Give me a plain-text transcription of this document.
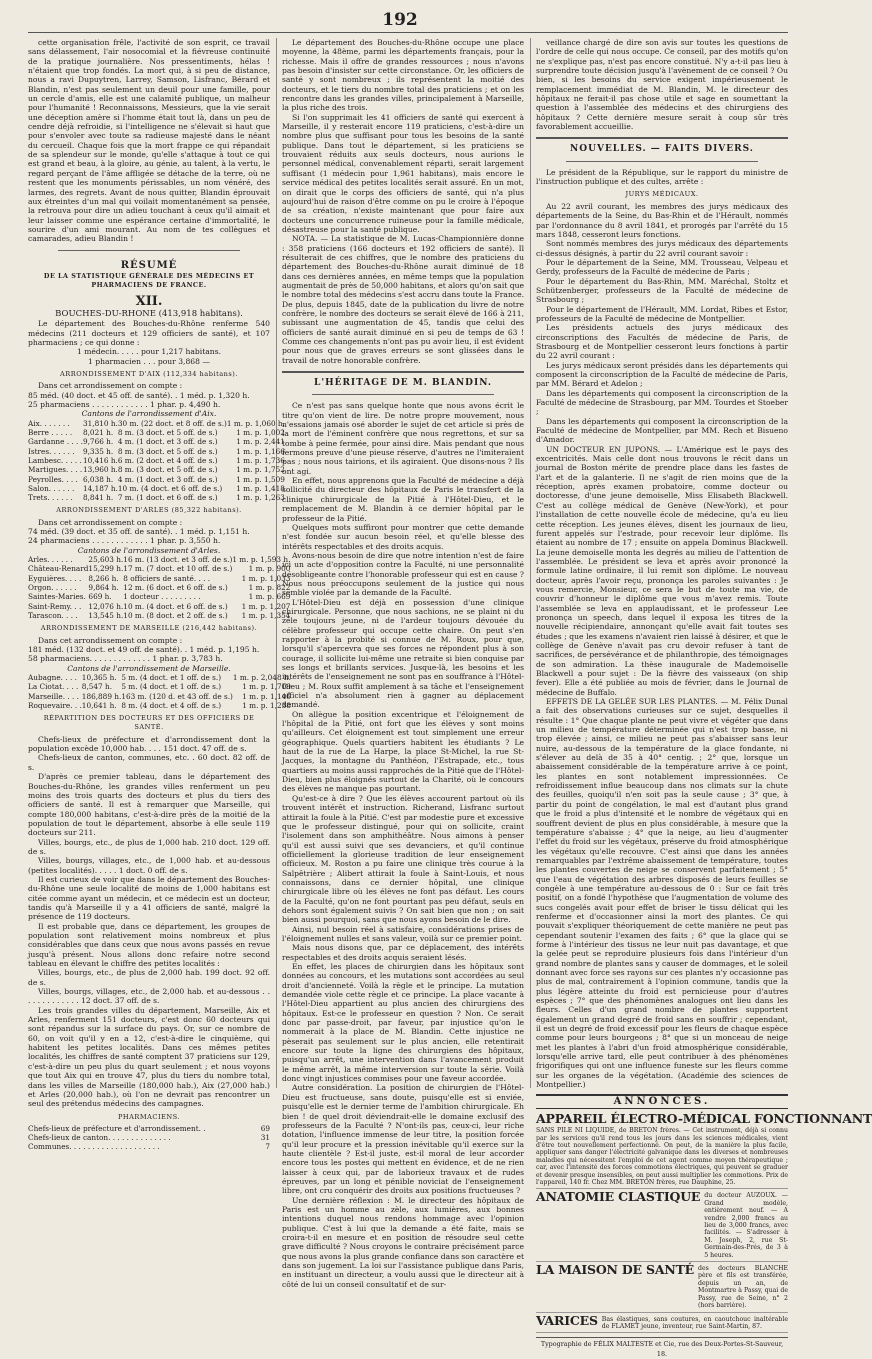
192

cette organisation frêle, l'activité de son esprit, ce travail sans délassement, l'air nosocomial et la fiévreuse continuité de la pratique journalière. Nos pressentiments, hélas ! n'étaient que trop fondés. La mort qui, à si peu de distance, nous a ravi Dupuytren, Larrey, Samson, Lisfranc, Bérard et Blandin, n'est pas seulement un deuil pour une famille, pour un cercle d'amis, elle est une calamité publique, un malheur pour l'humanité ! Reconnaissons, Messieurs, que la vie serait une déception amère si l'homme était tout là, dans un peu de cendre déjà refroidie, si l'intelligence ne s'élevait si haut que pour s'envoler avec toute sa radieuse majesté dans le néant du cercueil. Chaque fois que la mort frappe ce qui répandait de sa splendeur sur le monde, qu'elle s'attaque à tout ce qui est grand et beau, à la gloire, au génie, au talent, à la vertu, le regard perçant de l'âme affligée se détache de la terre, où ne restent que les monuments périssables, un nom vénéré, des larmes, des regrets. Avant de nous quitter, Blandin éprouvait aux étreintes d'un mal qui voilait momentanément sa pensée, la retrouva pour dire un adieu touchant à ceux qu'il aimait et leur laisser comme une espérance certaine d'immortalité, le sourire d'un ami mourant. Au nom de tes collègues et camarades, adieu Blandin !

RÉSUMÉ
DE LA STATISTIQUE GÉNÉRALE DES MÉDECINS ET PHARMACIENS DE FRANCE.
XII.
BOUCHES-DU-RHONE (413,918 habitans).

Le département des Bouches-du-Rhône renferme 540 médecins (211 docteurs et 129 officiers de santé), et 107 pharmaciens ; ce qui donne :

1 médecin. . . . . pour 1,217 habitans.

1 pharmacien . . . pour 3,868 —

ARRONDISSEMENT D'AIX (112,334 habitans).

Dans cet arrondissement on compte :

85 méd. (40 doct. et 45 off. de santé). . 1 méd. p. 1,320 h.

25 pharmaciens . . . . . . . . . . . . 1 phar. p. 4,490 h.

Cantons de l'arrondissement d'Aix.
Aix. . . . . . .	31,810 h.	30 m. (22 doct. et 8 off. de s.)	1 m. p. 1,060 h.
Berre . . . . .	8,021 h.	8 m. (3 doct. et 5 off. de s.)	1 m. p. 1,002
Gardanne . . . .	9,766 h.	4 m. (1 doct. et 3 off. de s.)	1 m. p. 2,441
Istres. . . . . .	9,335 h.	8 m. (3 doct. et 5 off. de s.)	1 m. p. 1,166
Lambesc. . . . .	10,416 h.	6 m. (2 doct. et 4 off. de s.)	1 m. p. 1,736
Martigues. . . .	13,960 h.	8 m. (3 doct. et 5 off. de s.)	1 m. p. 1,752
Peyrolles. . . .	6,038 h.	4 m. (1 doct. et 3 off. de s.)	1 m. p. 1,509
Salon. . . . . .	14,187 h.	10 m. (4 doct. et 6 off. de s.)	1 m. p. 1,418
Trets. . . . . .	8,841 h.	7 m. (1 doct. et 6 off. de s.)	1 m. p. 1,263
ARRONDISSEMENT D'ARLES (85,322 habitans).

Dans cet arrondissement on compte :

74 méd. (39 doct. et 35 off. de santé). . 1 méd. p. 1,151 h.

24 pharmaciens . . . . . . . . . . . . 1 phar. p. 3,550 h.

Cantons de l'arrondissement d'Arles.
Arles. . . . . .	25,603 h.	16 m. (13 doct. et 3 off. de s.)	1 m. p. 1,593 h.
Château-Renard	15,299 h.	17 m. (7 doct. et 10 off. de s.)	1 m. p. 900
Eyguières. . . .	8,266 h.	8 officiers de santé. . . .	1 m. p. 1,033
Orgon. . . . . .	9,864 h.	12 m. (6 doct. et 6 off. de s.)	1 m. p. 822
Saintes-Maries.	669 h.	1 docteur . . . . . . . . .	1 m. p. 669
Saint-Remy. . .	12,076 h.	10 m. (4 doct. et 6 off. de s.)	1 m. p. 1,207
Tarascon. . . .	13,545 h.	10 m. (8 doct. et 2 off. de s.)	1 m. p. 1,354
ARRONDISSEMENT DE MARSEILLE (216,442 habitans).

Dans cet arrondissement on compte :

181 méd. (132 doct. et 49 off. de santé). . 1 méd. p. 1,195 h.

58 pharmaciens. . . . . . . . . . . . . 1 phar. p. 3,783 h.

Cantons de l'arrondissement de Marseille.
Aubagne. . . .	10,365 h.	5 m. (4 doct. et 1 off. de s.)	1 m. p. 2,048 h.
La Ciotat. . . .	8,547 h.	5 m. (4 doct. et 1 off. de s.)	1 m. p. 1,709
Marseille. . . .	186,889 h.	163 m. (120 d. et 43 off. de s.)	1 m. p. 1,146
Roquevaire. . .	10,641 h.	8 m. (4 doct. et 4 off. de s.)	1 m. p. 1,238
RÉPARTITION DES DOCTEURS ET DES OFFICIERS DE SANTÉ.

Chefs-lieux de préfecture et d'arrondissement dont la population excède 10,000 hab. . . . 151 doct. 47 off. de s.

Chefs-lieux de canton, communes, etc. . 60 doct. 82 off. de s.

D'après ce premier tableau, dans le département des Bouches-du-Rhône, les grandes villes renferment un peu moins des trois quarts des docteurs et plus du tiers des officiers de santé. Il est à remarquer que Marseille, qui compte 180,000 habitans, c'est-à-dire près de la moitié de la population de tout le département, absorbe à elle seule 119 docteurs sur 211.

Villes, bourgs, etc., de plus de 1,000 hab. 210 doct. 129 off. de s.

Villes, bourgs, villages, etc., de 1,000 hab. et au-dessous (petites localités). . . . . 1 doct. 0 off. de s.

Il est curieux de voir que dans le département des Bouches-du-Rhône une seule localité de moins de 1,000 habitans est citée comme ayant un médecin, et ce médecin est un docteur, tandis qu'à Marseille il y a 41 officiers de santé, malgré la présence de 119 docteurs.

Il est probable que, dans ce département, les groupes de population sont relativement moins nombreux et plus considérables que dans ceux que nous avons passés en revue jusqu'à présent. Nous allons donc refaire notre second tableau en élevant le chiffre des petites localités :

Villes, bourgs, etc., de plus de 2,000 hab. 199 doct. 92 off. de s.

Villes, bourgs, villages, etc., de 2,000 hab. et au-dessous . . . . . . . . . . . . . 12 doct. 37 off. de s.

Les trois grandes villes du département, Marseille, Aix et Arles, renferment 151 docteurs, c'est donc 60 docteurs qui sont répandus sur la surface du pays. Or, sur ce nombre de 60, on voit qu'il y en a 12, c'est-à-dire le cinquième, qui habitent les petites localités. Dans ces mêmes petites localités, les chiffres de santé comptent 37 praticiens sur 129, c'est-à-dire un peu plus du quart seulement ; et nous voyons que tout Aix qui en trouve 47, plus du tiers du nombre total, dans les villes de Marseille (180,000 hab.), Aix (27,000 hab.) et Arles (20,000 hab.), où l'on ne devrait pas rencontrer un seul des prétendus médecins des campagnes.

PHARMACIENS.
Chefs-lieux de préfecture et d'arrondissement. .	69
Chefs-lieux de canton. . . . . . . . . . . . . .	31
Communes. . . . . . . . . . . . . . . . . . . .	7

Le département des Bouches-du-Rhône occupe une place moyenne, la 48ème, parmi les départements français, pour la richesse. Mais il offre de grandes ressources ; nous n'avons pas besoin d'insister sur cette circonstance. Or, les officiers de santé y sont nombreux ; ils représentent la moitié des docteurs, et le tiers du nombre total des praticiens ; et on les rencontre dans les grandes villes, principalement à Marseille, la plus riche des trois.

Si l'on supprimait les 41 officiers de santé qui exercent à Marseille, il y resterait encore 119 praticiens, c'est-à-dire un nombre plus que suffisant pour tous les besoins de la santé publique. Dans tout le département, si les praticiens se trouvaient réduits aux seuls docteurs, nous aurions le personnel médical, convenablement réparti, serait largement suffisant (1 médecin pour 1,961 habitans), mais encore le service médical des petites localités serait assuré. En un mot, on dirait que le corps des officiers de santé, qui n'a plus aujourd'hui de raison d'être comme on pu le croire à l'époque de sa création, n'existe maintenant que pour faire aux docteurs une concurrence ruineuse pour la famille médicale, désastreuse pour la santé publique.

NOTA. — La statistique de M. Lucas-Championnière donne : 358 praticiens (166 docteurs et 192 officiers de santé). Il résulterait de ces chiffres, que le nombre des praticiens du département des Bouches-du-Rhône aurait diminué de 18 dans ces dernières années, en même temps que la population augmentait de près de 50,000 habitans, et alors qu'on sait que le nombre total des médecins s'est accru dans toute la France. De plus, depuis 1845, date de la publication du livre de notre confrère, le nombre des docteurs se serait élevé de 166 à 211, subissant une augmentation de 45, tandis que celui des officiers de santé aurait diminué en si peu de temps de 63 ! Comme ces changements n'ont pas pu avoir lieu, il est évident pour nous que de graves erreurs se sont glissées dans le travail de notre honorable confrère.

L'HÉRITAGE DE M. BLANDIN.

Ce n'est pas sans quelque honte que nous avons écrit le titre qu'on vient de lire. De notre propre mouvement, nous n'essaions jamais osé aborder le sujet de cet article si près de la mort de l'éminent confrère que nous regrettons, et sur sa tombe à peine fermée, pour ainsi dire. Mais pendant que nous fermons preuve d'une pieuse réserve, d'autres ne l'imiteraient pas ; nous nous tairions, et ils agiraient. Que disons-nous ? Ils ont agi.

En effet, nous apprenons que la Faculté de médecine a déjà sollicité du directeur des hôpitaux de Paris le transfert de la clinique chirurgicale de la Pitié à l'Hôtel-Dieu, et le remplacement de M. Blandin à ce dernier hôpital par le professeur de la Pitié.

Quelques mots suffiront pour montrer que cette demande n'est fondée sur aucun besoin réel, et qu'elle blesse des intérêts respectables et des droits acquis.

Avons-nous besoin de dire que notre intention n'est de faire ici un acte d'opposition contre la Faculté, ni une personnalité désobligeante contre l'honorable professeur qui est en cause ? Nous nous préoccupons seulement de la justice qui nous semble violée par la demande de la Faculté.

L'Hôtel-Dieu est déjà en possession d'une clinique chirurgicale. Personne, que nous sachions, ne se plaint ni du zèle toujours jeune, ni de l'ardeur toujours dévouée du célèbre professeur qui occupe cette chaire. On peut s'en rapporter à la probité si connue de M. Roux, pour que, lorsqu'il s'apercevra que ses forces ne répondent plus à son courage, il sollicite lui-même une retraite si bien conquise par ses longs et brillants services. Jusque-là, les besoins et les intérêts de l'enseignement ne sont pas en souffrance à l'Hôtel-Dieu ; M. Roux suffit amplement à sa tâche et l'enseignement officiel n'a absolument rien à gagner au déplacement demandé.

On allègue la position excentrique et l'éloignement de l'hôpital de la Pitié, ont fort que les élèves y sont moins qu'ailleurs. Cet éloignement est tout simplement une erreur géographique. Quels quartiers habitent les étudiants ? Le haut de la rue de La Harpe, la place St-Michel, la rue St-Jacques, la montagne du Panthéon, l'Estrapade, etc., tous quartiers au moins aussi rapprochés de la Pitié que de l'Hôtel-Dieu, bien plus éloignés surtout de la Charité, où le concours des élèves ne manque pas pourtant.

Qu'est-ce à dire ? Que les élèves accourent partout où ils trouvent intérêt et instruction. Richerand, Lisfranc surtout attirait la foule à la Pitié. C'est par modestie pure et excessive que le professeur distingué, pour qui on sollicite, craint l'isolement dans son amphithéâtre. Nous aimons à penser qu'il est aussi suivi que ses devanciers, et qu'il continue officiellement la glorieuse tradition de leur enseignement officieux. M. Roston a pu faire une clinique très courue à la Salpêtrière ; Alibert attirait la foule à Saint-Louis, et nous connaissons, dans ce dernier hôpital, une clinique chirurgicale libre où les élèves ne font pas défaut. Les cours de la Faculté, qu'on ne font pourtant pas peu défaut, seuls en dehors sont également suivis ? On sait bien que non ; on sait bien aussi pourquoi, sans que nous ayons besoin de le dire.

Ainsi, nul besoin réel à satisfaire, considérations prises de l'éloignement nulles et sans valeur, voilà sur ce premier point.

Mais nous disons que, par ce déplacement, des intérêts respectables et des droits acquis seraient lésés.

En effet, les places de chirurgien dans les hôpitaux sont données au concours, et les mutations sont accordées au seul droit d'ancienneté. Voilà la règle et le principe. La mutation demandée viole cette règle et ce principe. La place vacante à l'Hôtel-Dieu appartient au plus ancien des chirurgiens des hôpitaux. Est-ce le professeur en question ? Non. Ce serait donc par passe-droit, par faveur, par injustice qu'on le nommerait à la place de M. Blandin. Cette injustice ne pèserait pas seulement sur le plus ancien, elle retentirait encore sur toute la ligne des chirurgiens des hôpitaux, puisqu'un arrêt, une intervention dans l'avancement produit le même arrêt, la même interversion sur toute la série. Voilà donc vingt injustices commises pour une faveur accordée.

Autre considération. La position de chirurgien de l'Hôtel-Dieu est fructueuse, sans doute, puisqu'elle est si enviée, puisqu'elle est le dernier terme de l'ambition chirurgicale. Eh bien ! de quel droit déviendrait-elle le domaine exclusif des professeurs de la Faculté ? N'ont-ils pas, ceux-ci, leur riche dotation, l'influence immense de leur titre, la position forcée qu'il leur procure et la pression inévitable qu'il exerce sur la haute clientèle ? Est-il juste, est-il moral de leur accorder encore tous les postes qui mettent en évidence, et de ne rien laisser à ceux qui, par de laborieux travaux et de rudes épreuves, par un long et pénible noviciat de l'enseignement libre, ont cru conquérir des droits aux positions fructueuses ?

Une dernière réflexion : M. le directeur des hôpitaux de Paris est un homme au zèle, aux lumières, aux bonnes intentions duquel nous rendons hommage avec l'opinion publique. C'est à lui que la demande a été faite, mais se croira-t-il en mesure et en position de résoudre seul cette grave difficulté ? Nous croyons le contraire précisément parce que nous avons la plus grande confiance dans son caractère et dans son jugement. La loi sur l'assistance publique dans Paris, en instituant un directeur, a voulu aussi que le directeur ait à côté de lui un conseil consultatif et de sur-

veillance chargé de dire son avis sur toutes les questions de l'ordre de celle qui nous occupe. Ce conseil, par des motifs qu'on ne s'explique pas, n'est pas encore constitué. N'y a-t-il pas lieu à surprendre toute décision jusqu'à l'avènement de ce conseil ? Ou bien, si les besoins du service exigent impérieusement le remplacement immédiat de M. Blandin, M. le directeur des hôpitaux ne ferait-il pas chose utile et sage en soumettant la question à l'assemblée des médecins et des chirurgiens des hôpitaux ? Cette dernière mesure serait à coup sûr très favorablement accueillie.

NOUVELLES. — FAITS DIVERS.

Le président de la République, sur le rapport du ministre de l'instruction publique et des cultes, arrête :

JURYS MÉDICAUX.

Au 22 avril courant, les membres des jurys médicaux des départements de la Seine, du Bas-Rhin et de l'Hérault, nommés par l'ordonnance du 8 avril 1841, et prorogés par l'arrêté du 15 mars 1848, cesseront leurs fonctions.

Sont nommés membres des jurys médicaux des départements ci-dessus désignés, à partir du 22 avril courant savoir :

Pour le département de la Seine, MM. Trousseau, Velpeau et Gerdy, professeurs de la Faculté de médecine de Paris ;

Pour le département du Bas-Rhin, MM. Maréchal, Stoltz et Schützenberger, professeurs de la Faculté de médecine de Strasbourg ;

Pour le département de l'Hérault, MM. Lordat, Ribes et Estor, professeurs de la Faculté de médecine de Montpellier.

Les présidents actuels des jurys médicaux des circonscriptions des Facultés de médecine de Paris, de Strasbourg et de Montpellier cesseront leurs fonctions à partir du 22 avril courant :

Les jurys médicaux seront présidés dans les départements qui composent la circonscription de la Faculté de médecine de Paris, par MM. Bérard et Adelon ;

Dans les départements qui composent la circonscription de la Faculté de médecine de Strasbourg, par MM. Tourdes et Stoeber ;

Dans les départements qui composent la circonscription de la Faculté de médecine de Montpellier, par MM. Rech et Bisueno d'Amador.

UN DOCTEUR EN JUPONS. — L'Amérique est le pays des excentricités. Mais celle dont nous trouvons le récit dans un journal de Boston mérite de prendre place dans les fastes de l'art et de la galanterie. Il ne s'agit de rien moins que de la réception, après examen probatoire, comme docteur ou doctoresse, d'une jeune demoiselle, Miss Elisabeth Blackwell. C'est au collège médical de Genève (New-York), et pour l'installation de cette nouvelle école de médecine, qu'a eu lieu cette réception. Les jeunes élèves, disent les journaux de lieu, furent appelés sur l'estrade, pour recevoir leur diplôme. Ils étaient au nombre de 17 ; ensuite on appela Dominus Blackwell. La jeune demoiselle monta les degrés au milieu de l'attention de l'assemblée. Le président se leva et après avoir prononcé la formule latine ordinaire, il lui remit son diplôme. Le nouveau docteur, après l'avoir reçu, prononça les paroles suivantes : Je vous remercie, Monsieur, ce sera le but de toute ma vie, de couvrir d'honneur le diplôme que vous m'avez remis. Toute l'assemblée se leva en applaudissant, et le professeur Lee prononça un speech, dans lequel il exposa les titres de la nouvelle récipiendaire, annonçant qu'elle avait fait toutes ses études ; que les examens n'avaient rien laissé à désirer, et que le collège de Genève n'avait pas cru devoir refuser à tant de sacrifices, de persévérance et de philanthropie, des témoignages de son admiration. La thèse inaugurale de Mademoiselle Blackwell a pour sujet : De la fièvre des vaisseaux (on ship fever). Elle a été publiée au mois de février, dans le Journal de médecine de Buffalo.

EFFETS DE LA GELÉE SUR LES PLANTES. — M. Félix Dunal a fait des observations curieuses sur ce sujet, desquelles il résulte : 1° Que chaque plante ne peut vivre et végéter que dans un milieu de température déterminée qui n'est trop basse, ni trop élevée ; ainsi, ce milieu ne peut pas s'abaisser sans leur nuire, au-dessous de la température de la glace fondante, ni s'élever au delà de 35 à 40° centig. ; 2° que, lorsque un abaissement considérable de la température arrive à ce point, les plantes en sont notablement impressionnées. Ce refroidissement influe beaucoup dans nos climats sur la chute des feuilles, quoiqu'il n'en soit pas la seule cause ; 3° que, à partir du point de congélation, le mal est d'autant plus grand que le froid a plus d'intensité et le nombre de végétaux qui en souffrent devient de plus en plus considérable, à mesure que la température s'abaisse ; 4° que la neige, au lieu d'augmenter l'effet du froid sur les végétaux, préserve du froid atmosphérique les végétaux qu'elle recouvre. C'est ainsi que dans les années remarquables par l'extrême abaissement de température, toutes les plantes couvertes de neige se conservent parfaitement ; 5° que l'eau de végétation des arbres disposés de leurs feuilles se congèle à une température au-dessous de 0 : Sur ce fait très positif, on a fondé l'hypothèse que l'augmentation de volume des sucs congelés avait pour effet de briser le tissu délicat qui les renferme et d'occasionner ainsi la mort des plantes. Ce qui pouvait s'expliquer théoriquement de cette manière ne peut pas cependant soutenir l'examen des faits ; 6° que la glace qui se forme à l'intérieur des tissus ne leur nuit pas davantage, et que la gelée peut se reproduire plusieurs fois dans l'intérieur d'un grand nombre de plantes sans y causer de dommages, et le soleil donnant avec force ses rayons sur ces plantes n'y occasionne pas plus de mal, contrairement à l'opinion commune, tandis que la plus légère atteinte du froid est pernicieuse pour d'autres espèces ; 7° que des phénomènes analogues ont lieu dans les fleurs. Celles d'un grand nombre de plantes supportent également un grand degré de froid sans en souffrir ; cependant, il est un degré de froid excessif pour les fleurs de chaque espèce comme pour leurs bourgeons ; 8° que si un monceau de neige met les plantes à l'abri d'un froid atmosphérique considérable, lorsqu'elle arrive tard, elle peut contribuer à des phénomènes frigorifiques qui ont une influence funeste sur les fleurs comme sur les organes de la végétation. (Académie des sciences de Montpellier.)

ANNONCES.
APPAREIL ÉLECTRO-MÉDICAL FONCTIONNANT
SANS PILE NI LIQUIDE, de BRETON frères. — Cet instrument, déjà si connu par les services qu'il rend tous les jours dans les sciences médicales, vient d'être tout nouvellement perfectionné. On peut, de la manière la plus facile, appliquer sans danger l'électricité galvanique dans les diverses et nombreuses maladies qui nécessitent l'emploi de cet agent comme moyen thérapeutique ; car, avec l'intensité des forces commotions électriques, qui peuvent se graduer et devenir presque insensibles, on peut aussi multiplier les commotions. Prix de l'appareil, 140 fr. Chez MM. BRETON frères, rue Dauphine, 25.
ANATOMIE CLASTIQUE du docteur AUZOUX. — Grand modèle, entièrement neuf. — A vendre 2,000 francs au lieu de 3,000 francs, avec facilités. — S'adresser à M. Joseph, 2, rue St-Germain-des-Prés, de 3 à 5 heures.
LA MAISON DE SANTÉ des docteurs BLANCHE père et fils est transférée, depuis un an, de Montmartre à Passy, quai de Passy, rue de Seine, n° 2 (hors barrière).
VARICES Bas élastiques, sans coutures, en caoutchouc inaltérable de FLAMET jeune, inventeur, rue Saint-Martin, 87.
Typographie de FÉLIX MALTESTE et Cie, rue des Deux-Portes-St-Sauveur, 18.
